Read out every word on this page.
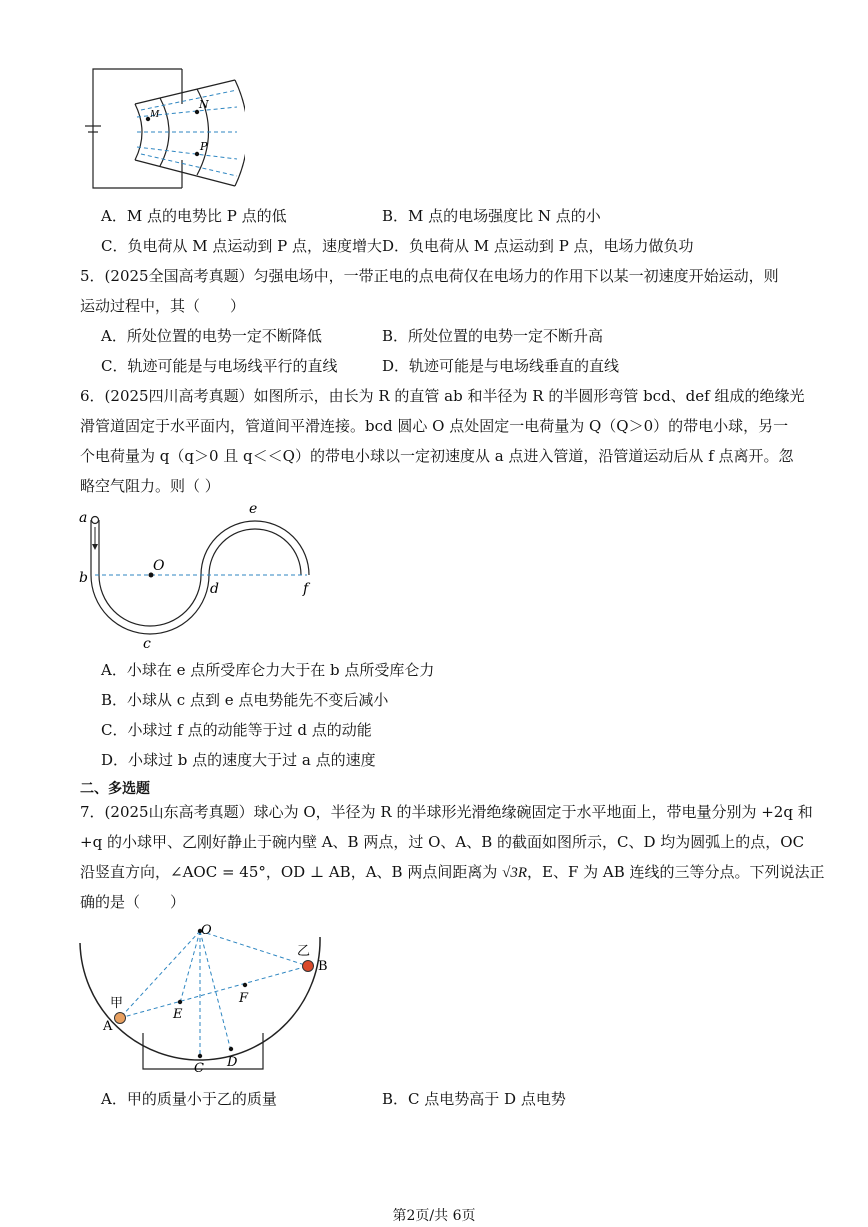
M
N
P
A．M 点的电势比 P 点的低	B．M 点的电场强度比 N 点的小
C．负电荷从 M 点运动到 P 点，速度增大 D．负电荷从 M 点运动到 P 点，电场力做负功
5．(2025全国高考真题）匀强电场中，一带正电的点电荷仅在电场力的作用下以某一初速度开始运动，则
运动过程中，其（　　）
A．所处位置的电势一定不断降低	B．所处位置的电势一定不断升高
C．轨迹可能是与电场线平行的直线	D．轨迹可能是与电场线垂直的直线
6．(2025四川高考真题）如图所示，由长为 R 的直管 ab 和半径为 R 的半圆形弯管 bcd、def 组成的绝缘光
滑管道固定于水平面内，管道间平滑连接。bcd 圆心 O 点处固定一电荷量为 Q（Q＞0）的带电小球，另一
个电荷量为 q（q＞0 且 q＜＜Q）的带电小球以一定初速度从 a 点进入管道，沿管道运动后从 f 点离开。忽
略空气阻力。则（ ）
a
b
O
c
d
e
f
A．小球在 e 点所受库仑力大于在 b 点所受库仑力
B．小球从 c 点到 e 点电势能先不变后减小
C．小球过 f 点的动能等于过 d 点的动能
D．小球过 b 点的速度大于过 a 点的速度
二、多选题
7．(2025山东高考真题）球心为 O，半径为 R 的半球形光滑绝缘碗固定于水平地面上，带电量分别为 +2q 和
+q 的小球甲、乙刚好静止于碗内壁 A、B 两点，过 O、A、B 的截面如图所示，C、D 均为圆弧上的点，OC
沿竖直方向，∠AOC = 45°，OD ⊥ AB，A、B 两点间距离为 √3R，E、F 为 AB 连线的三等分点。下列说法正
确的是（　　）
O
A
B
C D
E
F
甲
乙
A．甲的质量小于乙的质量	B．C 点电势高于 D 点电势
第2页/共 6页
